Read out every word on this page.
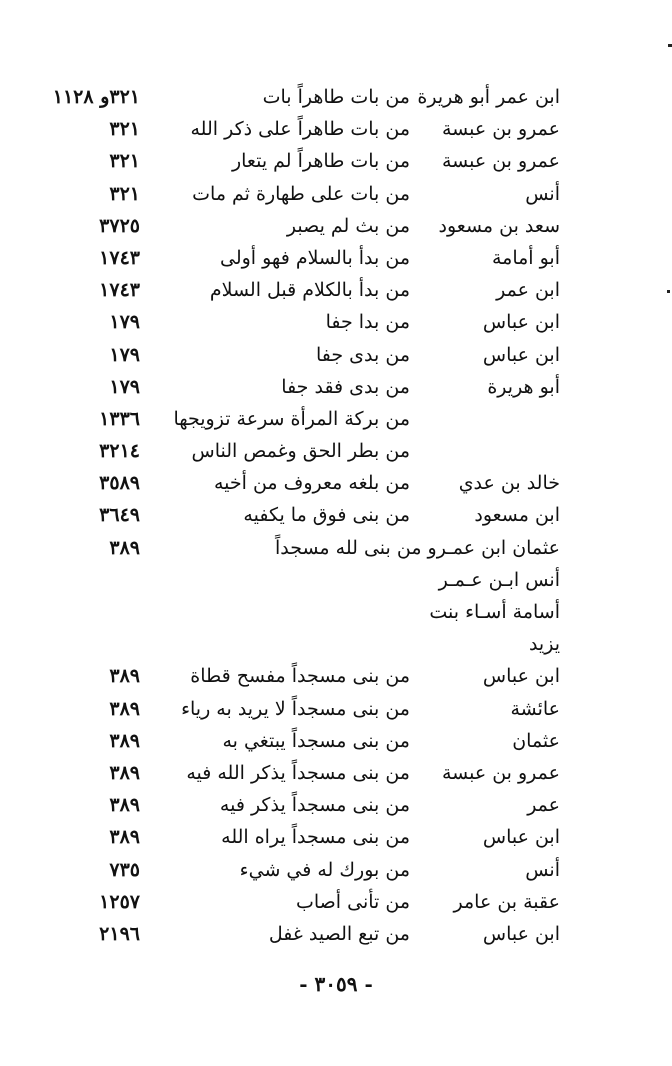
ابن عمر أبو هريرة
من بات طاهراً بات
٣٢١و ١١٢٨
عمرو بن عبسة
من بات طاهراً على ذكر الله
٣٢١
عمرو بن عبسة
من بات طاهراً لم يتعار
٣٢١
أنس
من بات على طهارة ثم مات
٣٢١
سعد بن مسعود
من بث لم يصبر
٣٧٢٥
أبو أمامة
من بدأ بالسلام فهو أولى
١٧٤٣
ابن عمر
من بدأ بالكلام قبل السلام
١٧٤٣
ابن عباس
من بدا جفا
١٧٩
ابن عباس
من بدى جفا
١٧٩
أبو هريرة
من بدى فقد جفا
١٧٩
من بركة المرأة سرعة تزويجها
١٣٣٦
من بطر الحق وغمص الناس
٣٢١٤
خالد بن عدي
من بلغه معروف من أخيه
٣٥٨٩
ابن مسعود
من بنى فوق ما يكفيه
٣٦٤٩
عثمان ابن عمـرو من بنى لله مسجداً
٣٨٩
أنس ابـن عـمـر
أسامة أسـاء بنت
يزيد
ابن عباس
من بنى مسجداً مفسح قطاة
٣٨٩
عائشة
من بنى مسجداً لا يريد به رياء
٣٨٩
عثمان
من بنى مسجداً يبتغي به
٣٨٩
عمرو بن عبسة
من بنى مسجداً يذكر الله فيه
٣٨٩
عمر
من بنى مسجداً يذكر فيه
٣٨٩
ابن عباس
من بنى مسجداً يراه الله
٣٨٩
أنس
من بورك له في شيء
٧٣٥
عقبة بن عامر
من تأنى أصاب
١٢٥٧
ابن عباس
من تبع الصيد غفل
٢١٩٦
- ٣٠٥٩ -
